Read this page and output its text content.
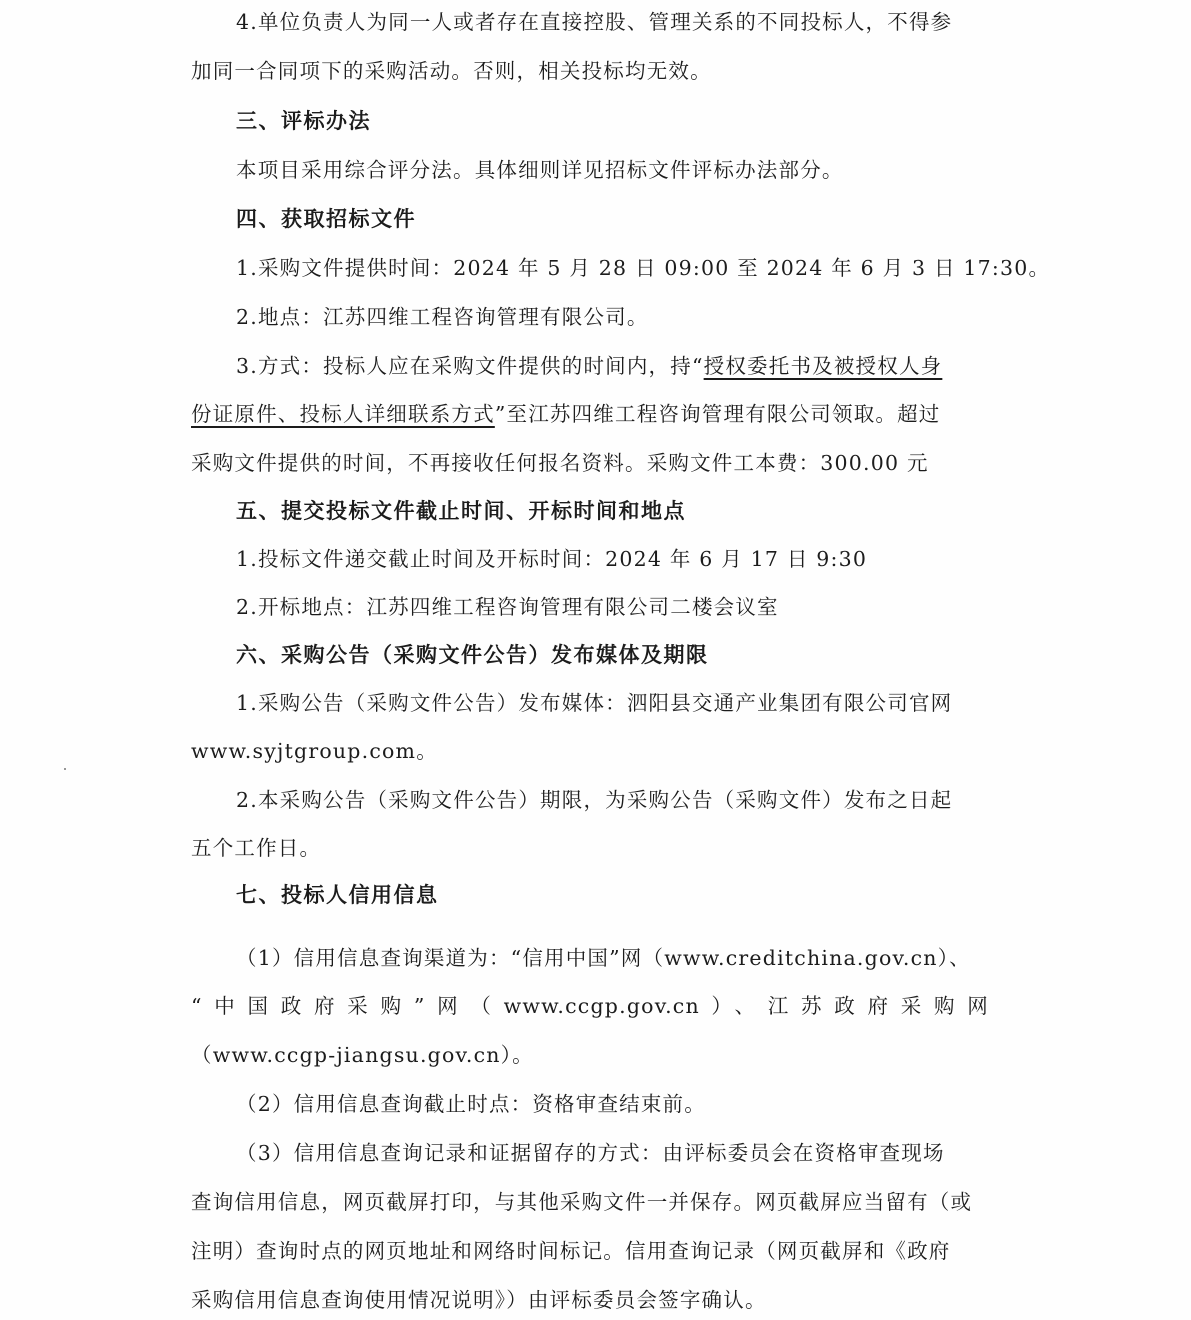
4.单位负责人为同一人或者存在直接控股、管理关系的不同投标人，不得参
加同一合同项下的采购活动。否则，相关投标均无效。
三、评标办法
本项目采用综合评分法。具体细则详见招标文件评标办法部分。
四、获取招标文件
1.采购文件提供时间：2024 年 5 月 28 日 09:00 至 2024 年 6 月 3 日 17:30。
2.地点：江苏四维工程咨询管理有限公司。
3.方式：投标人应在采购文件提供的时间内，持“授权委托书及被授权人身
份证原件、投标人详细联系方式”至江苏四维工程咨询管理有限公司领取。超过
采购文件提供的时间，不再接收任何报名资料。采购文件工本费：300.00 元
五、提交投标文件截止时间、开标时间和地点
1.投标文件递交截止时间及开标时间：2024 年 6 月 17 日 9:30
2.开标地点：江苏四维工程咨询管理有限公司二楼会议室
六、采购公告（采购文件公告）发布媒体及期限
1.采购公告（采购文件公告）发布媒体：泗阳县交通产业集团有限公司官网
www.syjtgroup.com。
2.本采购公告（采购文件公告）期限，为采购公告（采购文件）发布之日起
五个工作日。
七、投标人信用信息
（1）信用信息查询渠道为：“信用中国”网（www.creditchina.gov.cn）、
“中国政府采购”网（www.ccgp.gov.cn）、江苏政府采购网
（www.ccgp-jiangsu.gov.cn）。
（2）信用信息查询截止时点：资格审查结束前。
（3）信用信息查询记录和证据留存的方式：由评标委员会在资格审查现场
查询信用信息，网页截屏打印，与其他采购文件一并保存。网页截屏应当留有（或
注明）查询时点的网页地址和网络时间标记。信用查询记录（网页截屏和《政府
采购信用信息查询使用情况说明》）由评标委员会签字确认。
